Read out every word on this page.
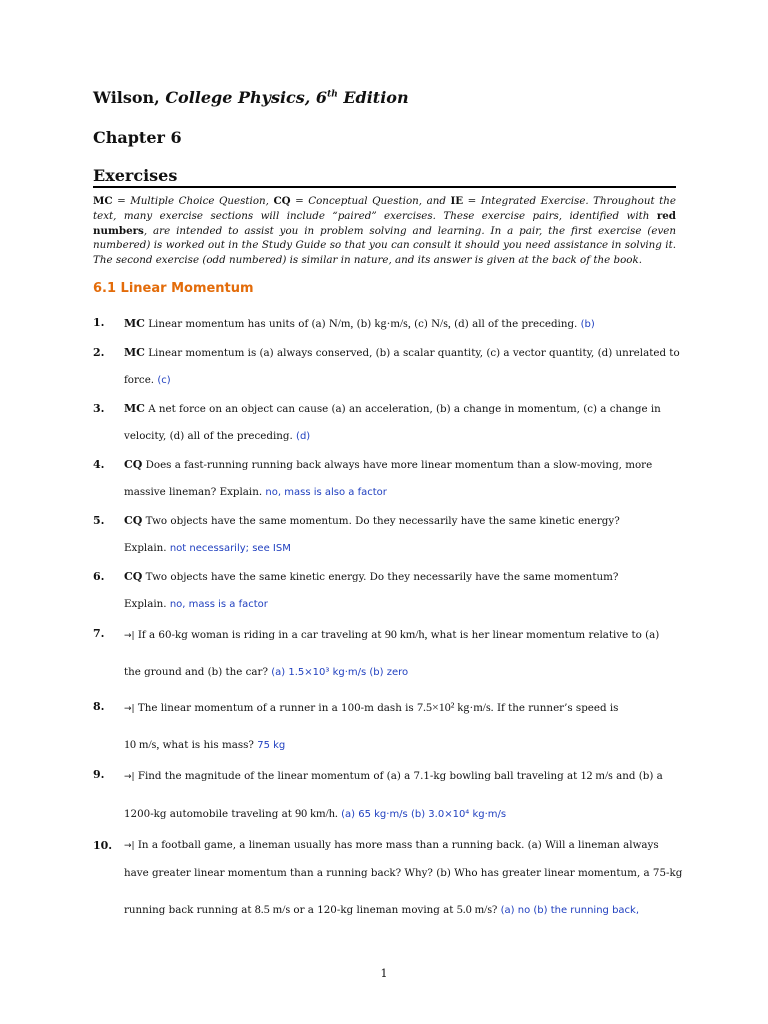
Wilson, College Physics, 6th Edition
Chapter 6
Exercises
MC = Multiple Choice Question, CQ = Conceptual Question, and IE = Integrated Exercise. Throughout the text, many exercise sections will include “paired” exercises. These exercise pairs, identified with red numbers, are intended to assist you in problem solving and learning. In a pair, the first exercise (even numbered) is worked out in the Study Guide so that you can consult it should you need assistance in solving it. The second exercise (odd numbered) is similar in nature, and its answer is given at the back of the book.
6.1 Linear Momentum
1. MC Linear momentum has units of (a) N/m, (b) kg·m/s, (c) N/s, (d) all of the preceding. (b)
2. MC Linear momentum is (a) always conserved, (b) a scalar quantity, (c) a vector quantity, (d) unrelated to
force. (c)
3. MC A net force on an object can cause (a) an acceleration, (b) a change in momentum, (c) a change in
velocity, (d) all of the preceding. (d)
4. CQ Does a fast-running running back always have more linear momentum than a slow-moving, more
massive lineman? Explain. no, mass is also a factor
5. CQ Two objects have the same momentum. Do they necessarily have the same kinetic energy?
Explain. not necessarily; see ISM
6. CQ Two objects have the same kinetic energy. Do they necessarily have the same momentum?
Explain. no, mass is a factor
7. →| If a 60-kg woman is riding in a car traveling at 90 km/h, what is her linear momentum relative to (a)
the ground and (b) the car? (a) 1.5×10³ kg·m/s (b) zero
8. →| The linear momentum of a runner in a 100-m dash is 7.5×10² kg·m/s. If the runner’s speed is
10 m/s, what is his mass? 75 kg
9. →| Find the magnitude of the linear momentum of (a) a 7.1-kg bowling ball traveling at 12 m/s and (b) a
1200-kg automobile traveling at 90 km/h. (a) 65 kg·m/s (b) 3.0×10⁴ kg·m/s
10. →| In a football game, a lineman usually has more mass than a running back. (a) Will a lineman always
have greater linear momentum than a running back? Why? (b) Who has greater linear momentum, a 75-kg
running back running at 8.5 m/s or a 120-kg lineman moving at 5.0 m/s? (a) no (b) the running back,
1
